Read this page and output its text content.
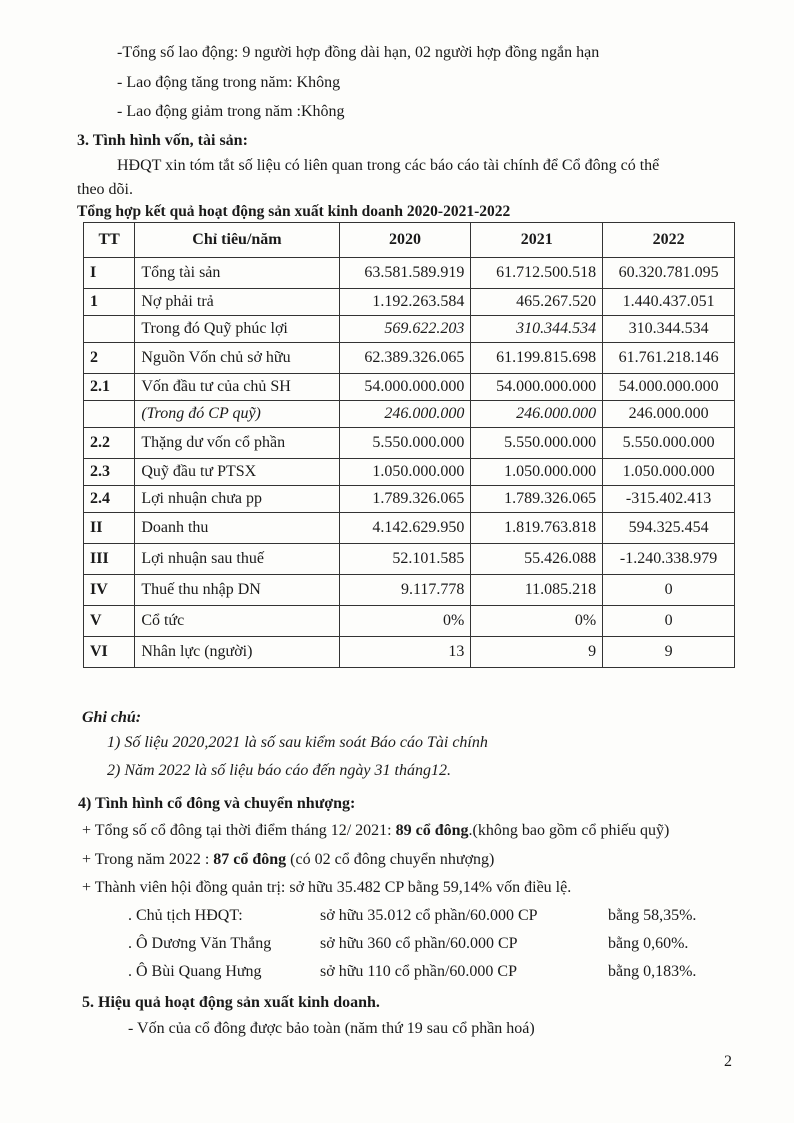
-Tổng số lao động: 9 người hợp đồng dài hạn, 02 người hợp đồng ngắn hạn
- Lao động tăng trong năm: Không
- Lao động giảm trong năm :Không
3. Tình hình vốn, tài sản:
HĐQT xin tóm tắt số liệu có liên quan trong các báo cáo tài chính để Cổ đông có thể
theo dõi.
Tổng hợp kết quả hoạt động sản xuất kinh doanh 2020-2021-2022
TT	Chỉ tiêu/năm	2020	2021	2022
I	Tổng tài sản	63.581.589.919	61.712.500.518	60.320.781.095
1	Nợ phải trả	1.192.263.584	465.267.520	1.440.437.051
	Trong đó Quỹ phúc lợi	569.622.203	310.344.534	310.344.534
2	Nguồn Vốn chủ sở hữu	62.389.326.065	61.199.815.698	61.761.218.146
2.1	Vốn đầu tư của chủ SH	54.000.000.000	54.000.000.000	54.000.000.000
	(Trong đó CP quỹ)	246.000.000	246.000.000	246.000.000
2.2	Thặng dư vốn cổ phần	5.550.000.000	5.550.000.000	5.550.000.000
2.3	Quỹ đầu tư PTSX	1.050.000.000	1.050.000.000	1.050.000.000
2.4	Lợi nhuận chưa pp	1.789.326.065	1.789.326.065	-315.402.413
II	Doanh thu	4.142.629.950	1.819.763.818	594.325.454
III	Lợi nhuận sau thuế	52.101.585	55.426.088	-1.240.338.979
IV	Thuế thu nhập DN	9.117.778	11.085.218	0
V	Cổ tức	0%	0%	0
VI	Nhân lực (người)	13	9	9
Ghi chú:
1) Số liệu 2020,2021 là số sau kiểm soát Báo cáo Tài chính
2) Năm 2022 là số liệu báo cáo đến ngày 31 tháng12.
4) Tình hình cổ đông và chuyển nhượng:
+ Tổng số cổ đông tại thời điểm tháng 12/ 2021: 89 cổ đông.(không bao gồm cổ phiếu quỹ)
+ Trong năm 2022 : 87 cổ đông (có 02 cổ đông chuyển nhượng)
+ Thành viên hội đồng quản trị: sở hữu 35.482 CP bằng 59,14% vốn điều lệ.
. Chủ tịch HĐQT:	sở hữu 35.012 cổ phần/60.000 CP	bằng 58,35%.
. Ô Dương Văn Thắng	sở hữu 360 cổ phần/60.000 CP	bằng 0,60%.
. Ô Bùi Quang Hưng	sở hữu 110 cổ phần/60.000 CP	bằng 0,183%.
5. Hiệu quả hoạt động sản xuất kinh doanh.
- Vốn của cổ đông được bảo toàn (năm thứ 19 sau cổ phần hoá)
2
